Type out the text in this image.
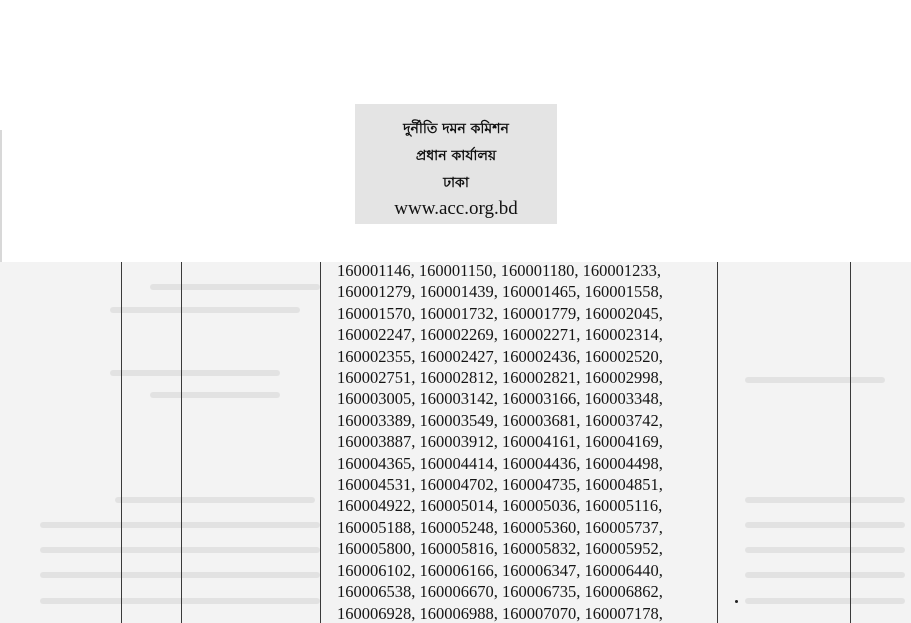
দুর্নীতি দমন কমিশন
প্রধান কার্যালয়
ঢাকা
www.acc.org.bd
160001146, 160001150, 160001180, 160001233,
160001279, 160001439, 160001465, 160001558,
160001570, 160001732, 160001779, 160002045,
160002247, 160002269, 160002271, 160002314,
160002355, 160002427, 160002436, 160002520,
160002751, 160002812, 160002821, 160002998,
160003005, 160003142, 160003166, 160003348,
160003389, 160003549, 160003681, 160003742,
160003887, 160003912, 160004161, 160004169,
160004365, 160004414, 160004436, 160004498,
160004531, 160004702, 160004735, 160004851,
160004922, 160005014, 160005036, 160005116,
160005188, 160005248, 160005360, 160005737,
160005800, 160005816, 160005832, 160005952,
160006102, 160006166, 160006347, 160006440,
160006538, 160006670, 160006735, 160006862,
160006928, 160006988, 160007070, 160007178,
